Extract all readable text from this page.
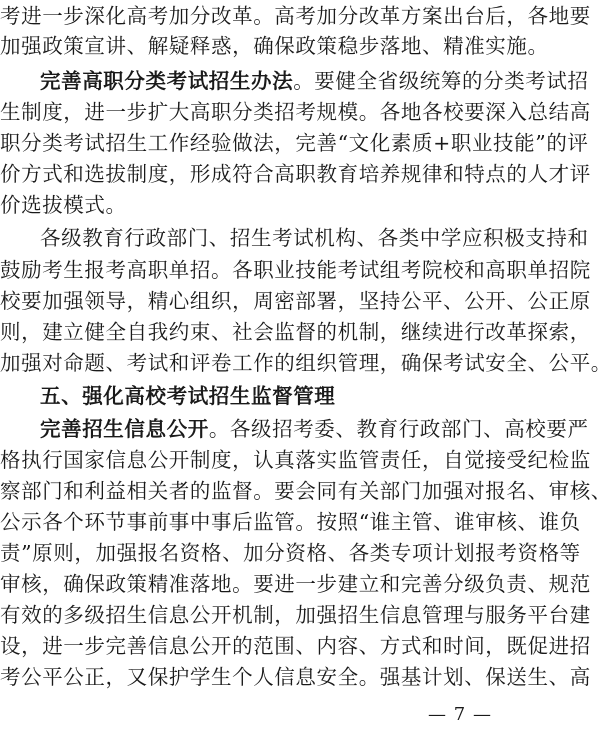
考进一步深化高考加分改革。高考加分改革方案出台后，各地要
加强政策宣讲、解疑释惑，确保政策稳步落地、精准实施。
完善高职分类考试招生办法。要健全省级统筹的分类考试招
生制度，进一步扩大高职分类招考规模。各地各校要深入总结高
职分类考试招生工作经验做法，完善“文化素质+职业技能”的评
价方式和选拔制度，形成符合高职教育培养规律和特点的人才评
价选拔模式。
各级教育行政部门、招生考试机构、各类中学应积极支持和
鼓励考生报考高职单招。各职业技能考试组考院校和高职单招院
校要加强领导，精心组织，周密部署，坚持公平、公开、公正原
则，建立健全自我约束、社会监督的机制，继续进行改革探索，
加强对命题、考试和评卷工作的组织管理，确保考试安全、公平。
五、强化高校考试招生监督管理
完善招生信息公开。各级招考委、教育行政部门、高校要严
格执行国家信息公开制度，认真落实监管责任，自觉接受纪检监
察部门和利益相关者的监督。要会同有关部门加强对报名、审核、
公示各个环节事前事中事后监管。按照“谁主管、谁审核、谁负
责”原则，加强报名资格、加分资格、各类专项计划报考资格等
审核，确保政策精准落地。要进一步建立和完善分级负责、规范
有效的多级招生信息公开机制，加强招生信息管理与服务平台建
设，进一步完善信息公开的范围、内容、方式和时间，既促进招
考公平公正，又保护学生个人信息安全。强基计划、保送生、高
— 7 —
